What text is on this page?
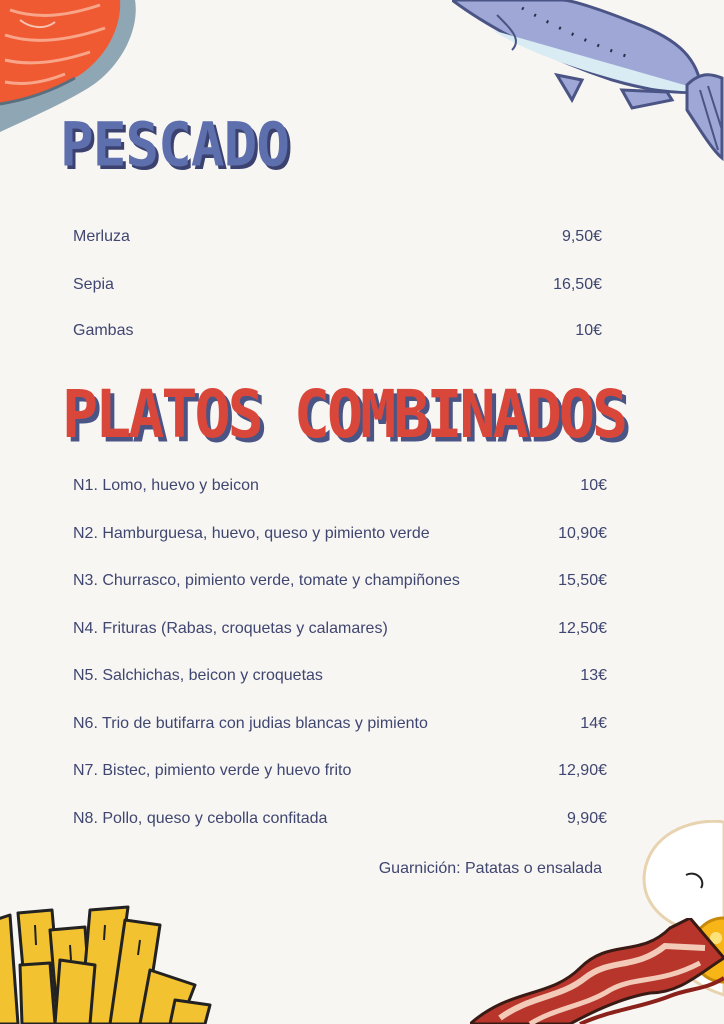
PESCADO
Merluza	9,50€
Sepia	16,50€
Gambas	10€
PLATOS COMBINADOS
N1. Lomo, huevo y beicon	10€
N2. Hamburguesa, huevo, queso y pimiento verde	10,90€
N3. Churrasco, pimiento verde, tomate y champiñones	15,50€
N4. Frituras (Rabas, croquetas y calamares)	12,50€
N5. Salchichas, beicon y croquetas	13€
N6. Trio de butifarra con judias blancas y pimiento	14€
N7. Bistec, pimiento verde y huevo frito	12,90€
N8. Pollo, queso y cebolla confitada	9,90€
Guarnición: Patatas o ensalada
